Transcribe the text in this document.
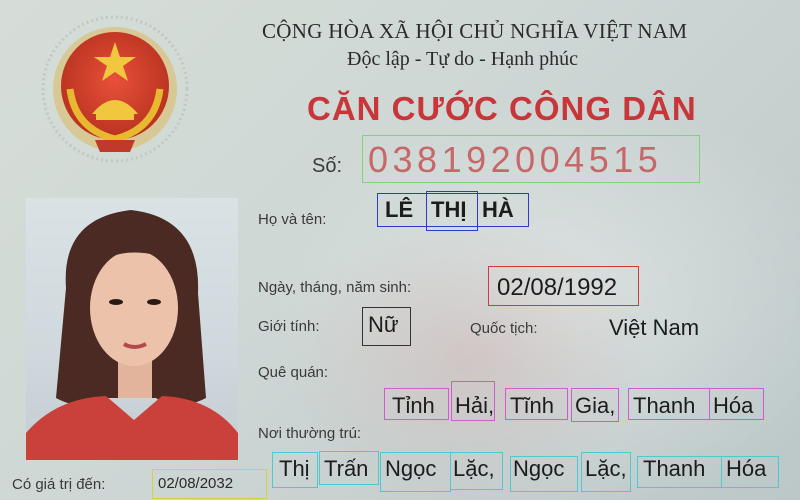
CỘNG HÒA XÃ HỘI CHỦ NGHĨA VIỆT NAM
Độc lập - Tự do - Hạnh phúc
CĂN CƯỚC CÔNG DÂN
Số: 038192004515
Họ và tên:	LÊ THỊ HÀ
Ngày, tháng, năm sinh:	02/08/1992
Giới tính: Nữ	Quốc tịch:	Việt Nam
Quê quán:
Tỉnh Hải, Tĩnh Gia, Thanh Hóa
Nơi thường trú:
Thị Trấn Ngọc Lặc, Ngọc Lặc, Thanh Hóa
Có giá trị đến:	02/08/2032
